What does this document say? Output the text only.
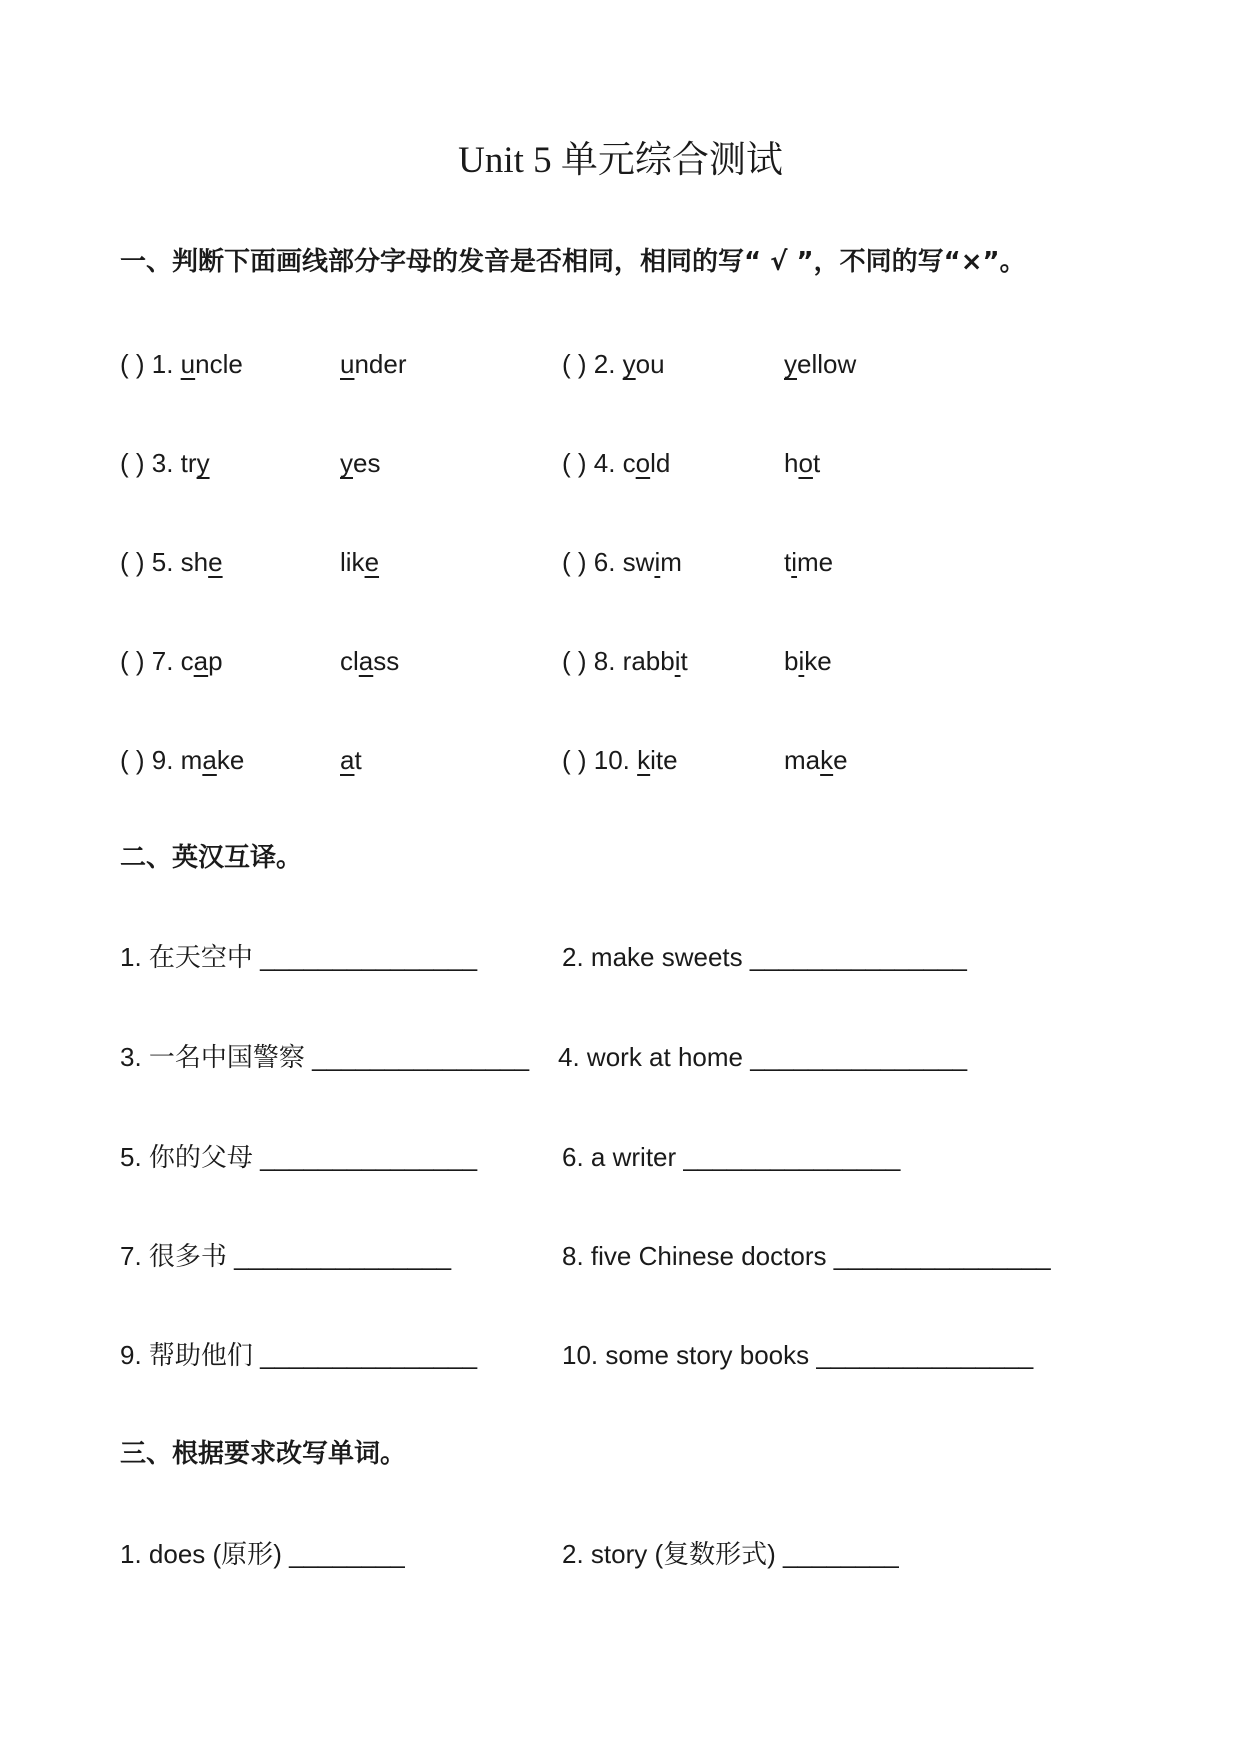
Unit 5 单元综合测试
一、判断下面画线部分字母的发音是否相同，相同的写“ √ ”，不同的写“×”。
( ) 1. uncle	under	( ) 2. you	yellow
( ) 3. try	yes	( ) 4. cold	hot
( ) 5. she	like	( ) 6. swim	time
( ) 7. cap	class	( ) 8. rabbit	bike
( ) 9. make	at	( ) 10. kite	make
二、英汉互译。
1. 在天空中 _______________	2. make sweets _______________
3. 一名中国警察 _______________ 4. work at home _______________
5. 你的父母 _______________	6. a writer _______________
7. 很多书 _______________	8. five Chinese doctors _______________
9. 帮助他们 _______________	10. some story books _______________
三、根据要求改写单词。
1. does (原形) ________	2. story (复数形式) ________
